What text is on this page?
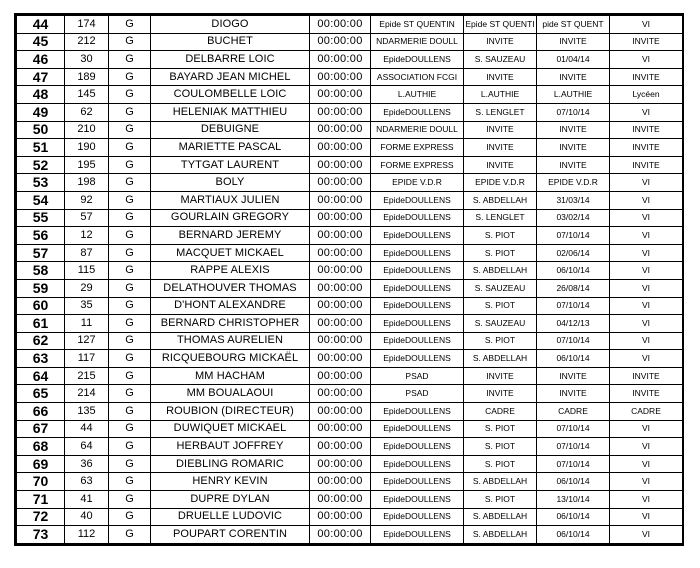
44	174	G	DIOGO	00:00:00	Epide ST QUENTIN	Epide ST QUENTI	pide ST QUENT	VI
45	212	G	BUCHET	00:00:00	NDARMERIE DOULL	INVITE	INVITE	INVITE
46	30	G	DELBARRE LOIC	00:00:00	EpideDOULLENS	S. SAUZEAU	01/04/14	VI
47	189	G	BAYARD JEAN MICHEL	00:00:00	ASSOCIATION FCGI	INVITE	INVITE	INVITE
48	145	G	COULOMBELLE LOIC	00:00:00	L.AUTHIE	L.AUTHIE	L.AUTHIE	Lycéen
49	62	G	HELENIAK MATTHIEU	00:00:00	EpideDOULLENS	S. LENGLET	07/10/14	VI
50	210	G	DEBUIGNE	00:00:00	NDARMERIE DOULL	INVITE	INVITE	INVITE
51	190	G	MARIETTE PASCAL	00:00:00	FORME EXPRESS	INVITE	INVITE	INVITE
52	195	G	TYTGAT LAURENT	00:00:00	FORME EXPRESS	INVITE	INVITE	INVITE
53	198	G	BOLY	00:00:00	EPIDE V.D.R	EPIDE V.D.R	EPIDE V.D.R	VI
54	92	G	MARTIAUX JULIEN	00:00:00	EpideDOULLENS	S. ABDELLAH	31/03/14	VI
55	57	G	GOURLAIN GREGORY	00:00:00	EpideDOULLENS	S. LENGLET	03/02/14	VI
56	12	G	BERNARD JEREMY	00:00:00	EpideDOULLENS	S. PIOT	07/10/14	VI
57	87	G	MACQUET MICKAEL	00:00:00	EpideDOULLENS	S. PIOT	02/06/14	VI
58	115	G	RAPPE ALEXIS	00:00:00	EpideDOULLENS	S. ABDELLAH	06/10/14	VI
59	29	G	DELATHOUVER THOMAS	00:00:00	EpideDOULLENS	S. SAUZEAU	26/08/14	VI
60	35	G	D'HONT ALEXANDRE	00:00:00	EpideDOULLENS	S. PIOT	07/10/14	VI
61	11	G	BERNARD CHRISTOPHER	00:00:00	EpideDOULLENS	S. SAUZEAU	04/12/13	VI
62	127	G	THOMAS AURELIEN	00:00:00	EpideDOULLENS	S. PIOT	07/10/14	VI
63	117	G	RICQUEBOURG MICKAËL	00:00:00	EpideDOULLENS	S. ABDELLAH	06/10/14	VI
64	215	G	MM HACHAM	00:00:00	PSAD	INVITE	INVITE	INVITE
65	214	G	MM BOUALAOUI	00:00:00	PSAD	INVITE	INVITE	INVITE
66	135	G	ROUBION (DIRECTEUR)	00:00:00	EpideDOULLENS	CADRE	CADRE	CADRE
67	44	G	DUWIQUET MICKAEL	00:00:00	EpideDOULLENS	S. PIOT	07/10/14	VI
68	64	G	HERBAUT JOFFREY	00:00:00	EpideDOULLENS	S. PIOT	07/10/14	VI
69	36	G	DIEBLING ROMARIC	00:00:00	EpideDOULLENS	S. PIOT	07/10/14	VI
70	63	G	HENRY KEVIN	00:00:00	EpideDOULLENS	S. ABDELLAH	06/10/14	VI
71	41	G	DUPRE DYLAN	00:00:00	EpideDOULLENS	S. PIOT	13/10/14	VI
72	40	G	DRUELLE LUDOVIC	00:00:00	EpideDOULLENS	S. ABDELLAH	06/10/14	VI
73	112	G	POUPART CORENTIN	00:00:00	EpideDOULLENS	S. ABDELLAH	06/10/14	VI
